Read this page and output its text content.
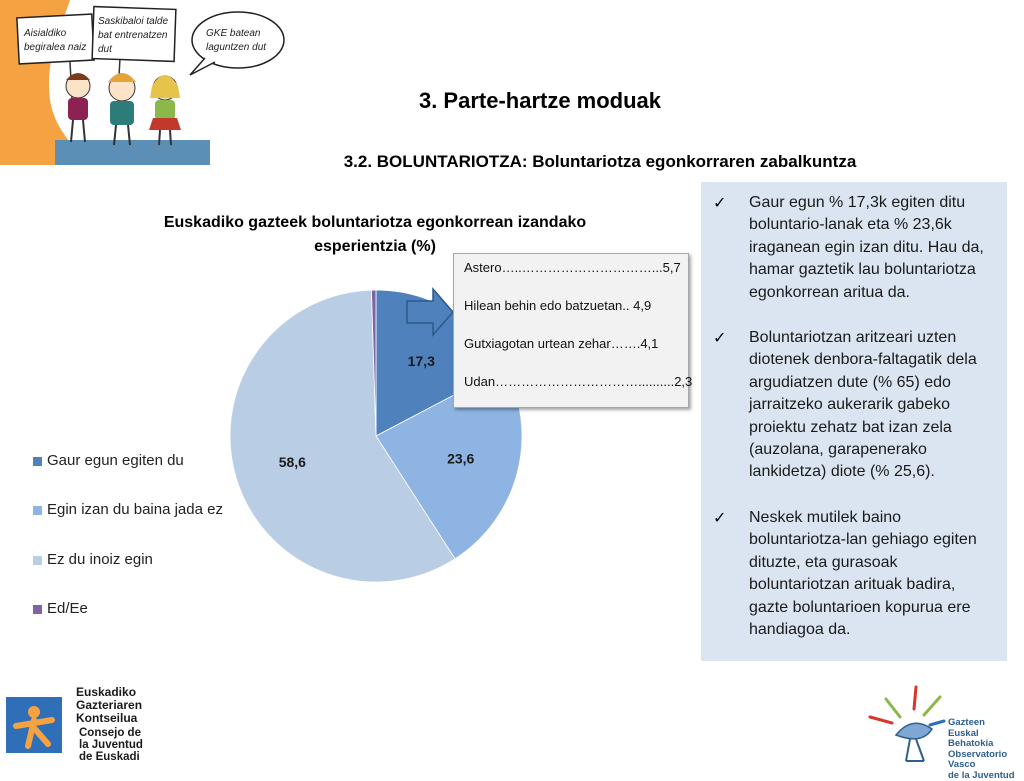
Aisialdiko
begiralea naiz
Saskibaloi talde
bat entrenatzen
dut
GKE batean
laguntzen dut
3. Parte-hartze moduak
3.2. BOLUNTARIOTZA: Boluntariotza egonkorraren zabalkuntza
Euskadiko gazteek boluntariotza egonkorrean izandako
esperientzia (%)
17,3
23,6
58,6
Gaur egun egiten du
Egin izan du baina jada ez
Ez du inoiz egin
Ed/Ee
Astero…..…………………………...5,7
Hilean behin edo batzuetan.. 4,9
Gutxiagotan urtean zehar…….4,1
Udan……………………………..........2,3
✓	Gaur egun % 17,3k egiten ditu boluntario-lanak eta % 23,6k iraganean egin izan ditu. Hau da, hamar gaztetik lau boluntariotza egonkorrean aritua da.
✓	Boluntariotzan aritzeari uzten diotenek denbora-faltagatik dela argudiatzen dute (% 65) edo jarraitzeko aukerarik gabeko proiektu zehatz bat izan zela (auzolana, garapenerako lankidetza) diote (% 25,6).
✓	Neskek mutilek baino boluntariotza-lan gehiago egiten dituzte, eta gurasoak boluntariotzan arituak badira, gazte boluntarioen kopurua ere handiagoa da.
Euskadiko
Gazteriaren
Kontseilua
Consejo de
la Juventud
de Euskadi
Gazteen
Euskal Behatokia
Observatorio Vasco
de la Juventud
